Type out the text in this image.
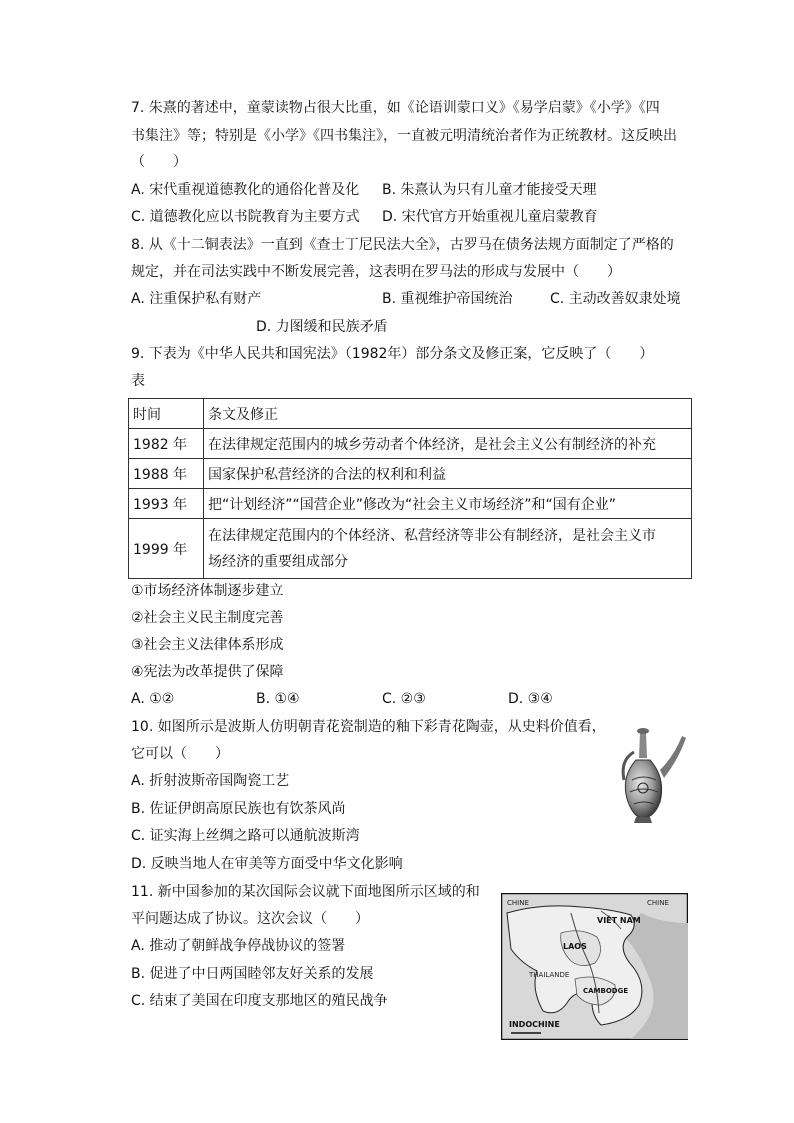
7. 朱熹的著述中，童蒙读物占很大比重，如《论语训蒙口义》《易学启蒙》《小学》《四
书集注》等；特别是《小学》《四书集注》，一直被元明清统治者作为正统教材。这反映出
（　　）
A. 宋代重视道德教化的通俗化普及化 B. 朱熹认为只有儿童才能接受天理
C. 道德教化应以书院教育为主要方式 D. 宋代官方开始重视儿童启蒙教育
8. 从《十二铜表法》一直到《查士丁尼民法大全》，古罗马在债务法规方面制定了严格的
规定，并在司法实践中不断发展完善，这表明在罗马法的形成与发展中（　　）
A. 注重保护私有财产	B. 重视维护帝国统治	C. 主动改善奴隶处境
D. 力图缓和民族矛盾
9. 下表为《中华人民共和国宪法》（1982年）部分条文及修正案，它反映了（　　）
表
时间	条文及修正
1982 年	在法律规定范围内的城乡劳动者个体经济，是社会主义公有制经济的补充
1988 年	国家保护私营经济的合法的权利和利益
1993 年	把“计划经济”“国营企业”修改为“社会主义市场经济”和“国有企业”
1999 年	在法律规定范围内的个体经济、私营经济等非公有制经济，是社会主义市
场经济的重要组成部分
①市场经济体制逐步建立
②社会主义民主制度完善
③社会主义法律体系形成
④宪法为改革提供了保障
A. ①②	B. ①④	C. ②③	D. ③④
10. 如图所示是波斯人仿明朝青花瓷制造的釉下彩青花陶壶，从史料价值看，
它可以（　　）
A. 折射波斯帝国陶瓷工艺
B. 佐证伊朗高原民族也有饮茶风尚
C. 证实海上丝绸之路可以通航波斯湾
D. 反映当地人在审美等方面受中华文化影响
11. 新中国参加的某次国际会议就下面地图所示区域的和
平问题达成了协议。这次会议（　　）
A. 推动了朝鲜战争停战协议的签署
B. 促进了中日两国睦邻友好关系的发展
C. 结束了美国在印度支那地区的殖民战争
CHINE	CHINE
VIÊT NAM
LAOS
THAILANDE
CAMBODGE
INDOCHINE
